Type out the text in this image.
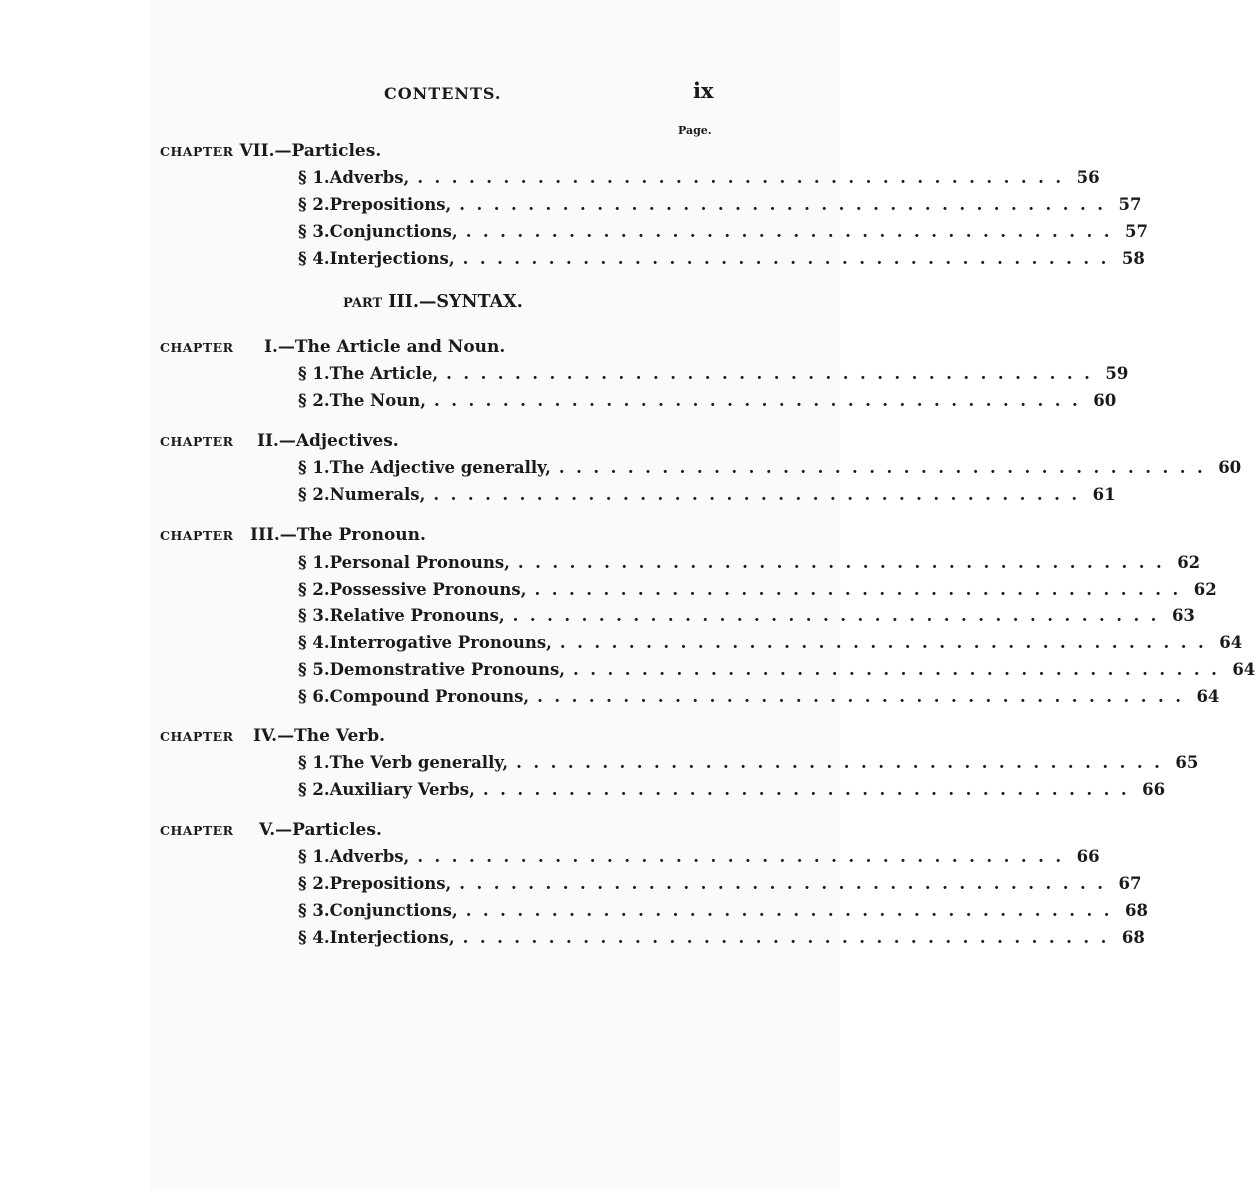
CONTENTS.	ix
Page.
CHAPTER VII.—Particles.
§ 1. Adverbs, ...................................... 56
§ 2. Prepositions, ...................................... 57
§ 3. Conjunctions, ...................................... 57
§ 4. Interjections, ...................................... 58
PART III.—SYNTAX.
CHAPTER I.—The Article and Noun.
§ 1. The Article, ...................................... 59
§ 2. The Noun, ...................................... 60
CHAPTER II.—Adjectives.
§ 1. The Adjective generally, ...................................... 60
§ 2. Numerals, ...................................... 61
CHAPTER III.—The Pronoun.
§ 1. Personal Pronouns, ...................................... 62
§ 2. Possessive Pronouns, ...................................... 62
§ 3. Relative Pronouns, ...................................... 63
§ 4. Interrogative Pronouns, ...................................... 64
§ 5. Demonstrative Pronouns, ...................................... 64
§ 6. Compound Pronouns, ...................................... 64
CHAPTER IV.—The Verb.
§ 1. The Verb generally, ...................................... 65
§ 2. Auxiliary Verbs, ...................................... 66
CHAPTER V.—Particles.
§ 1. Adverbs, ...................................... 66
§ 2. Prepositions, ...................................... 67
§ 3. Conjunctions, ...................................... 68
§ 4. Interjections, ...................................... 68
